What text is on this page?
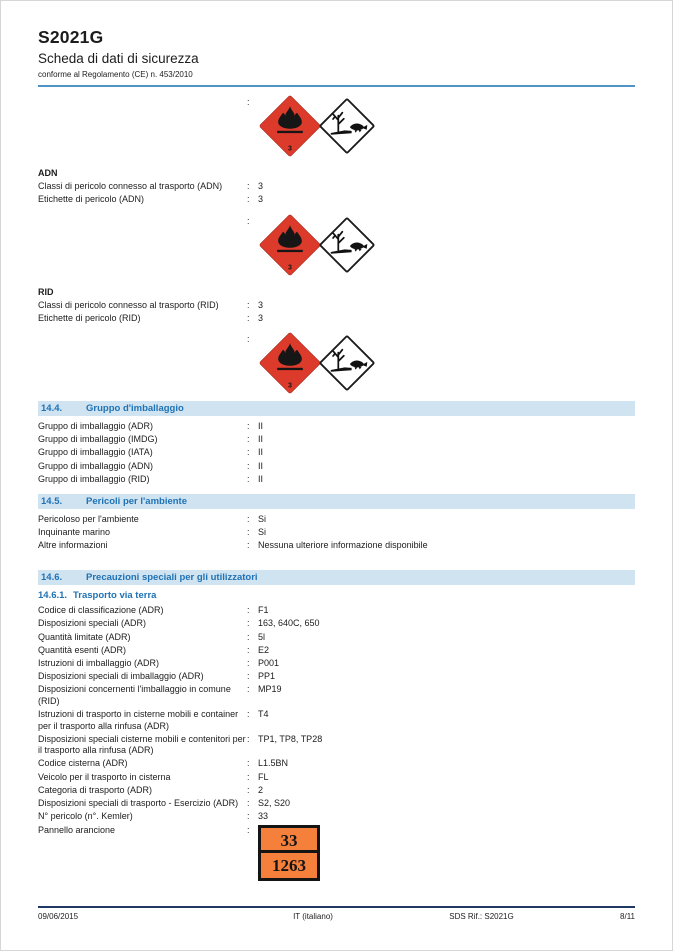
S2021G
Scheda di dati di sicurezza
conforme al Regolamento (CE) n. 453/2010
:
3
ADN
Classi di pericolo connesso al trasporto (ADN)	: 3
Etichette di pericolo (ADN)	: 3
:
3
RID
Classi di pericolo connesso al trasporto (RID)	: 3
Etichette di pericolo (RID)	: 3
:
3
14.4.	Gruppo d'imballaggio
Gruppo di imballaggio (ADR)	: II
Gruppo di imballaggio (IMDG)	: II
Gruppo di imballaggio (IATA)	: II
Gruppo di imballaggio (ADN)	: II
Gruppo di imballaggio (RID)	: II
14.5.	Pericoli per l'ambiente
Pericoloso per l'ambiente	: Si
Inquinante marino	: Si
Altre informazioni	: Nessuna ulteriore informazione disponibile
14.6.	Precauzioni speciali per gli utilizzatori
14.6.1. Trasporto via terra
Codice di classificazione (ADR)	: F1
Disposizioni speciali (ADR)	: 163, 640C, 650
Quantità limitate (ADR)	: 5l
Quantità esenti (ADR)	: E2
Istruzioni di imballaggio (ADR)	: P001
Disposizioni speciali di imballaggio (ADR)	: PP1
Disposizioni concernenti l'imballaggio in comune (RID)
: MP19
Istruzioni di trasporto in cisterne mobili e container per il trasporto alla rinfusa (ADR)
: T4
Disposizioni speciali cisterne mobili e contenitori per il trasporto alla rinfusa (ADR)
: TP1, TP8, TP28
Codice cisterna (ADR)	: L1.5BN
Veicolo per il trasporto in cisterna	: FL
Categoria di trasporto (ADR)	: 2
Disposizioni speciali di trasporto - Esercizio (ADR) : S2, S20
N° pericolo (n°. Kemler)	: 33
Pannello arancione	:
33
1263
09/06/2015	IT (italiano)	SDS Rif.: S2021G	8/11
